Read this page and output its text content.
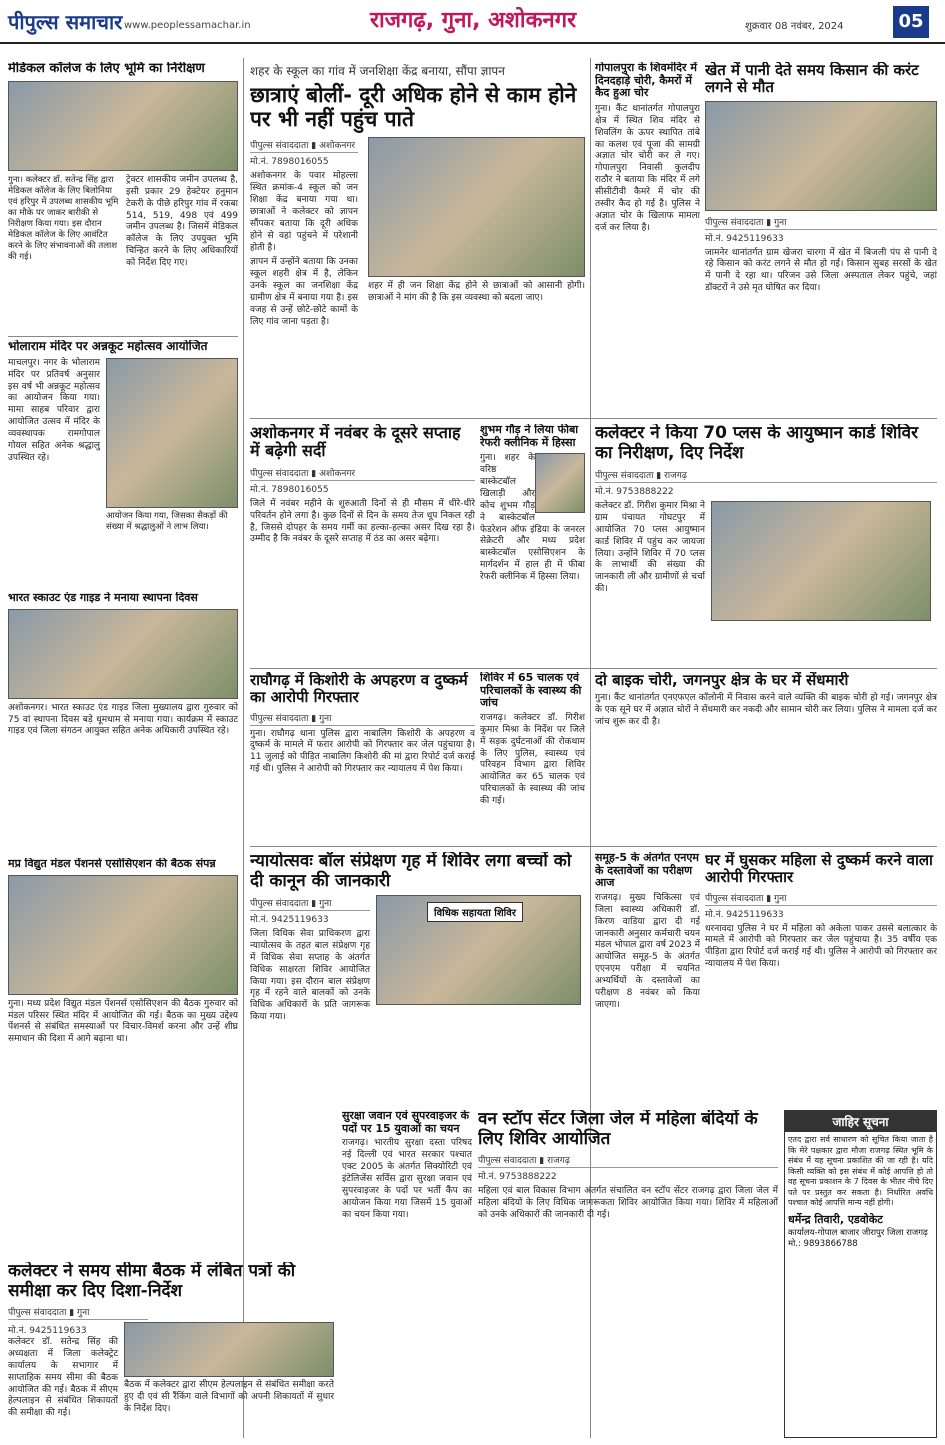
पीपुल्स समाचार www.peoplessamachar.in	राजगढ़, गुना, अशोकनगर	शुक्रवार 08 नवंबर, 2024	05
मेडिकल कॉलेज के लिए भूमि का निरीक्षण
गुना। कलेक्टर डॉ. सतेन्द्र सिंह द्वारा मेडिकल कॉलेज के लिए बिलोनिया एवं हरिपुर में उपलब्ध शासकीय भूमि का मौके पर जाकर बारीकी से निरीक्षण किया गया। इस दौरान मेडिकल कॉलेज के लिए आवंटित करने के लिए संभावनाओं की तलाश की गई।
ट्रेक्टर शासकीय जमीन उपलब्ध है, इसी प्रकार 29 हेक्टेयर हनुमान टेकरी के पीछे हरिपुर गांव में रकबा 514, 519, 498 एवं 499 जमीन उपलब्ध है। जिसमें मेडिकल कॉलेज के लिए उपयुक्त भूमि चिन्हित करने के लिए अधिकारियों को निर्देश दिए गए।
शहर के स्कूल का गांव में जनशिक्षा केंद्र बनाया, सौंपा ज्ञापन
छात्राएं बोलीं- दूरी अधिक होने से काम होने पर भी नहीं पहुंच पाते
पीपुल्स संवाददाता ▮ अशोकनगर
मो.नं. 7898016055
अशोकनगर के पवार मोहल्ला स्थित क्रमांक-4 स्कूल को जन शिक्षा केंद्र बनाया गया था। छात्राओं ने कलेक्टर को ज्ञापन सौंपकर बताया कि दूरी अधिक होने से वहां पहुंचने में परेशानी होती है।
ज्ञापन में उन्होंने बताया कि उनका स्कूल शहरी क्षेत्र में है, लेकिन उनके स्कूल का जनशिक्षा केंद्र ग्रामीण क्षेत्र में बनाया गया है। इस वजह से उन्हें छोटे-छोटे कामों के लिए गांव जाना पड़ता है।
शहर में ही जन शिक्षा केंद्र होने से छात्राओं को आसानी होगी। छात्राओं ने मांग की है कि इस व्यवस्था को बदला जाए।
गोपालपुरा के शिवमंदिर में दिनदहाड़े चोरी, कैमरों में कैद हुआ चोर
गुना। कैंट थानांतर्गत गोपालपुरा क्षेत्र में स्थित शिव मंदिर से शिवलिंग के ऊपर स्थापित तांबे का कलश एवं पूजा की सामग्री अज्ञात चोर चोरी कर ले गए। गोपालपुरा निवासी कुलदीप राठौर ने बताया कि मंदिर में लगे सीसीटीवी कैमरे में चोर की तस्वीर कैद हो गई है। पुलिस ने अज्ञात चोर के खिलाफ मामला दर्ज कर लिया है।
खेत में पानी देते समय किसान की करंट लगने से मौत
पीपुल्स संवाददाता ▮ गुना
मो.नं. 9425119633
जामनेर थानांतर्गत ग्राम खेजरा चारगा में खेत में बिजली पंप से पानी दे रहे किसान को करंट लगने से मौत हो गई। किसान सुबह सरसों के खेत में पानी दे रहा था। परिजन उसे जिला अस्पताल लेकर पहुंचे, जहां डॉक्टरों ने उसे मृत घोषित कर दिया।
भोलाराम मंदिर पर अन्नकूट महोत्सव आयोजित
माचलपुर। नगर के भोलाराम मंदिर पर प्रतिवर्ष अनुसार इस वर्ष भी अन्नकूट महोत्सव का आयोजन किया गया। मामा साहब परिवार द्वारा आयोजित उत्सव में मंदिर के व्यवस्थापक रामगोपाल गोयल सहित अनेक श्रद्धालु उपस्थित रहे।
आयोजन किया गया, जिसका सैकड़ों की संख्या में श्रद्धालुओं ने लाभ लिया।
भारत स्काउट एंड गाइड ने मनाया स्थापना दिवस
अशोकनगर। भारत स्काउट एंड गाइड जिला मुख्यालय द्वारा गुरुवार को 75 वां स्थापना दिवस बड़े धूमधाम से मनाया गया। कार्यक्रम में स्काउट गाइड एवं जिला संगठन आयुक्त सहित अनेक अधिकारी उपस्थित रहे।
अशोकनगर में नवंबर के दूसरे सप्ताह में बढ़ेगी सर्दी
पीपुल्स संवाददाता ▮ अशोकनगर
मो.नं. 7898016055
जिले में नवंबर महीने के शुरुआती दिनों से ही मौसम में धीरे-धीरे परिवर्तन होने लगा है। कुछ दिनों से दिन के समय तेज धूप निकल रही है, जिससे दोपहर के समय गर्मी का हल्का-हल्का असर दिख रहा है। उम्मीद है कि नवंबर के दूसरे सप्ताह में ठंड का असर बढ़ेगा।
शुभम गौड़ ने लिया फीबा रेफरी क्लीनिक में हिस्सा
गुना। शहर के वरिष्ठ बास्केटबॉल खिलाड़ी और कोच शुभम गौड़ ने बास्केटबॉल फेडरेशन ऑफ इंडिया के जनरल सेक्रेटरी और मध्य प्रदेश बास्केटबॉल एसोसिएशन के मार्गदर्शन में हाल ही में फीबा रेफरी क्लीनिक में हिस्सा लिया।
कलेक्टर ने किया 70 प्लस के आयुष्मान कार्ड शिविर का निरीक्षण, दिए निर्देश
पीपुल्स संवाददाता ▮ राजगढ़
मो.नं. 9753888222
कलेक्टर डॉ. गिरीश कुमार मिश्रा ने ग्राम पंचायत गोघटपुर में आयोजित 70 प्लस आयुष्मान कार्ड शिविर में पहुंच कर जायजा लिया। उन्होंने शिविर में 70 प्लस के लाभार्थी की संख्या की जानकारी ली और ग्रामीणों से चर्चा की।
राघौगढ़ में किशोरी के अपहरण व दुष्कर्म का आरोपी गिरफ्तार
पीपुल्स संवाददाता ▮ गुना
गुना। राघौगढ़ थाना पुलिस द्वारा नाबालिग किशोरी के अपहरण व दुष्कर्म के मामले में फरार आरोपी को गिरफ्तार कर जेल पहुंचाया है। 11 जुलाई को पीड़ित नाबालिग किशोरी की मां द्वारा रिपोर्ट दर्ज कराई गई थी। पुलिस ने आरोपी को गिरफ्तार कर न्यायालय में पेश किया।
शिविर में 65 चालक एवं परिचालकों के स्वास्थ्य की जांच
राजगढ़। कलेक्टर डॉ. गिरीश कुमार मिश्रा के निर्देश पर जिले में सड़क दुर्घटनाओं की रोकथाम के लिए पुलिस, स्वास्थ्य एवं परिवहन विभाग द्वारा शिविर आयोजित कर 65 चालक एवं परिचालकों के स्वास्थ्य की जांच की गई।
दो बाइक चोरी, जगनपुर क्षेत्र के घर में सेंधमारी
गुना। कैंट थानांतर्गत एनएफएल कॉलोनी में निवास करने वाले व्यक्ति की बाइक चोरी हो गई। जगनपुर क्षेत्र के एक सूने घर में अज्ञात चोरों ने सेंधमारी कर नकदी और सामान चोरी कर लिया। पुलिस ने मामला दर्ज कर जांच शुरू कर दी है।
मप्र विद्युत मंडल पेंशनर्स एसोसिएशन की बैठक संपन्न
गुना। मध्य प्रदेश विद्युत मंडल पेंशनर्स एसोसिएशन की बैठक गुरुवार को मंडल परिसर स्थित मंदिर में आयोजित की गई। बैठक का मुख्य उद्देश्य पेंशनर्स से संबंधित समस्याओं पर विचार-विमर्श करना और उन्हें शीघ्र समाधान की दिशा में आगे बढ़ाना था।
न्यायोत्सवः बॉल संप्रेक्षण गृह में शिविर लगा बच्चों को दी कानून की जानकारी
पीपुल्स संवाददाता ▮ गुना
मो.नं. 9425119633
जिला विधिक सेवा प्राधिकरण द्वारा न्यायोत्सव के तहत बाल संप्रेक्षण गृह में विधिक सेवा सप्ताह के अंतर्गत विधिक साक्षरता शिविर आयोजित किया गया। इस दौरान बाल संप्रेक्षण गृह में रहने वाले बालकों को उनके विधिक अधिकारों के प्रति जागरूक किया गया।
विधिक सहायता शिविर
समूह-5 के अंतर्गत एनएम के दस्तावेजों का परीक्षण आज
राजगढ़। मुख्य चिकित्सा एवं जिला स्वास्थ्य अधिकारी डॉ. किरण वाडिया द्वारा दी गई जानकारी अनुसार कर्मचारी चयन मंडल भोपाल द्वारा वर्ष 2023 में आयोजित समूह-5 के अंतर्गत एएनएम परीक्षा में चयनित अभ्यर्थियों के दस्तावेजों का परीक्षण 8 नवंबर को किया जाएगा।
घर में घुसकर महिला से दुष्कर्म करने वाला आरोपी गिरफ्तार
पीपुल्स संवाददाता ▮ गुना
मो.नं. 9425119633
धरनावदा पुलिस ने घर में महिला को अकेला पाकर उससे बलात्कार के मामले में आरोपी को गिरफ्तार कर जेल पहुंचाया है। 35 वर्षीय एक पीड़िता द्वारा रिपोर्ट दर्ज कराई गई थी। पुलिस ने आरोपी को गिरफ्तार कर न्यायालय में पेश किया।
कलेक्टर ने समय सीमा बैठक में लंबित पत्रों की समीक्षा कर दिए दिशा-निर्देश
पीपुल्स संवाददाता ▮ गुना
मो.नं. 9425119633
कलेक्टर डॉ. सतेन्द्र सिंह की अध्यक्षता में जिला कलेक्ट्रेट कार्यालय के सभागार में साप्ताहिक समय सीमा की बैठक आयोजित की गई। बैठक में सीएम हेल्पलाइन से संबंधित शिकायतों की समीक्षा की गई।
बैठक में कलेक्टर द्वारा सीएम हेल्पलाइन से संबंधित समीक्षा करते हुए दी एवं सी रैंकिंग वाले विभागों को अपनी शिकायतों में सुधार के निर्देश दिए।
सुरक्षा जवान एवं सुपरवाइजर के पदों पर 15 युवाओं का चयन
राजगढ़। भारतीय सुरक्षा दस्ता परिषद नई दिल्ली एवं भारत सरकार पश्चात एक्ट 2005 के अंतर्गत सिक्योरिटी एवं इंटेलिजेंस सर्विस द्वारा सुरक्षा जवान एवं सुपरवाइजर के पदों पर भर्ती कैंप का आयोजन किया गया जिसमें 15 युवाओं का चयन किया गया।
वन स्टॉप सेंटर जिला जेल में महिला बंदियों के लिए शिविर आयोजित
पीपुल्स संवाददाता ▮ राजगढ़
मो.नं. 9753888222
महिला एवं बाल विकास विभाग अंतर्गत संचालित वन स्टॉप सेंटर राजगढ़ द्वारा जिला जेल में महिला बंदियों के लिए विधिक जागरूकता शिविर आयोजित किया गया। शिविर में महिलाओं को उनके अधिकारों की जानकारी दी गई।
जाहिर सूचना
एतद द्वारा सर्व साधारण को सूचित किया जाता है कि मेरे पक्षकार द्वारा मौजा राजगढ़ स्थित भूमि के संबंध में यह सूचना प्रकाशित की जा रही है। यदि किसी व्यक्ति को इस संबंध में कोई आपत्ति हो तो वह सूचना प्रकाशन के 7 दिवस के भीतर नीचे दिए पते पर प्रस्तुत कर सकता है। निर्धारित अवधि पश्चात कोई आपत्ति मान्य नहीं होगी।
धर्मेन्द्र तिवारी, एडवोकेट
कार्यालय-गोपाल बाजार जीरापुर जिला राजगढ़ मो.: 9893866788
